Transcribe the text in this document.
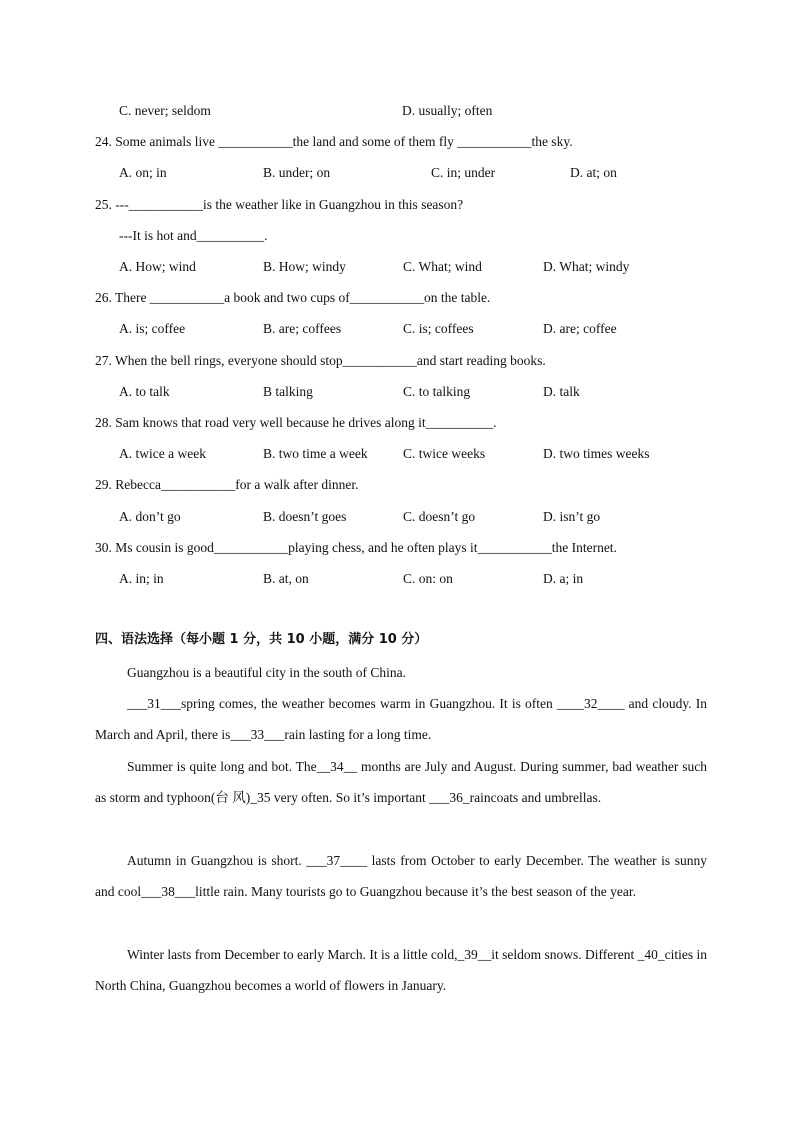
C. never; seldom	D. usually; often
24. Some animals live ___________the land and some of them fly ___________the sky.
A. on; in	B. under; on	C. in; under	D. at; on
25. ---___________is the weather like in Guangzhou in this season?
---It is hot and__________.
A. How; wind	B. How; windy	C. What; wind	D. What; windy
26. There ___________a book and two cups of___________on the table.
A. is; coffee	B. are; coffees	C. is; coffees	D. are; coffee
27. When the bell rings, everyone should stop___________and start reading books.
A. to talk	B talking	C. to talking	D. talk
28. Sam knows that road very well because he drives along it__________.
A. twice a week	B. two time a week	C. twice weeks	D. two times weeks
29. Rebecca___________for a walk after dinner.
A. don’t go	B. doesn’t goes	C. doesn’t go	D. isn’t go
30. Ms cousin is good___________playing chess, and he often plays it___________the Internet.
A. in; in	B. at, on	C. on: on	D. a; in
四、语法选择（每小题 1 分，共 10 小题，满分 10 分）
Guangzhou is a beautiful city in the south of China.
___31___spring comes, the weather becomes warm in Guangzhou. It is often ____32____ and cloudy. In March and April, there is___33___rain lasting for a long time.
Summer is quite long and bot. The__34__ months are July and August. During summer, bad weather such as storm and typhoon(台 风)_35 very often. So it’s important ___36_raincoats and umbrellas.
Autumn in Guangzhou is short. ___37____ lasts from October to early December. The weather is sunny and cool___38___little rain. Many tourists go to Guangzhou because it’s the best season of the year.
Winter lasts from December to early March. It is a little cold,_39__it seldom snows. Different _40_cities in North China, Guangzhou becomes a world of flowers in January.
